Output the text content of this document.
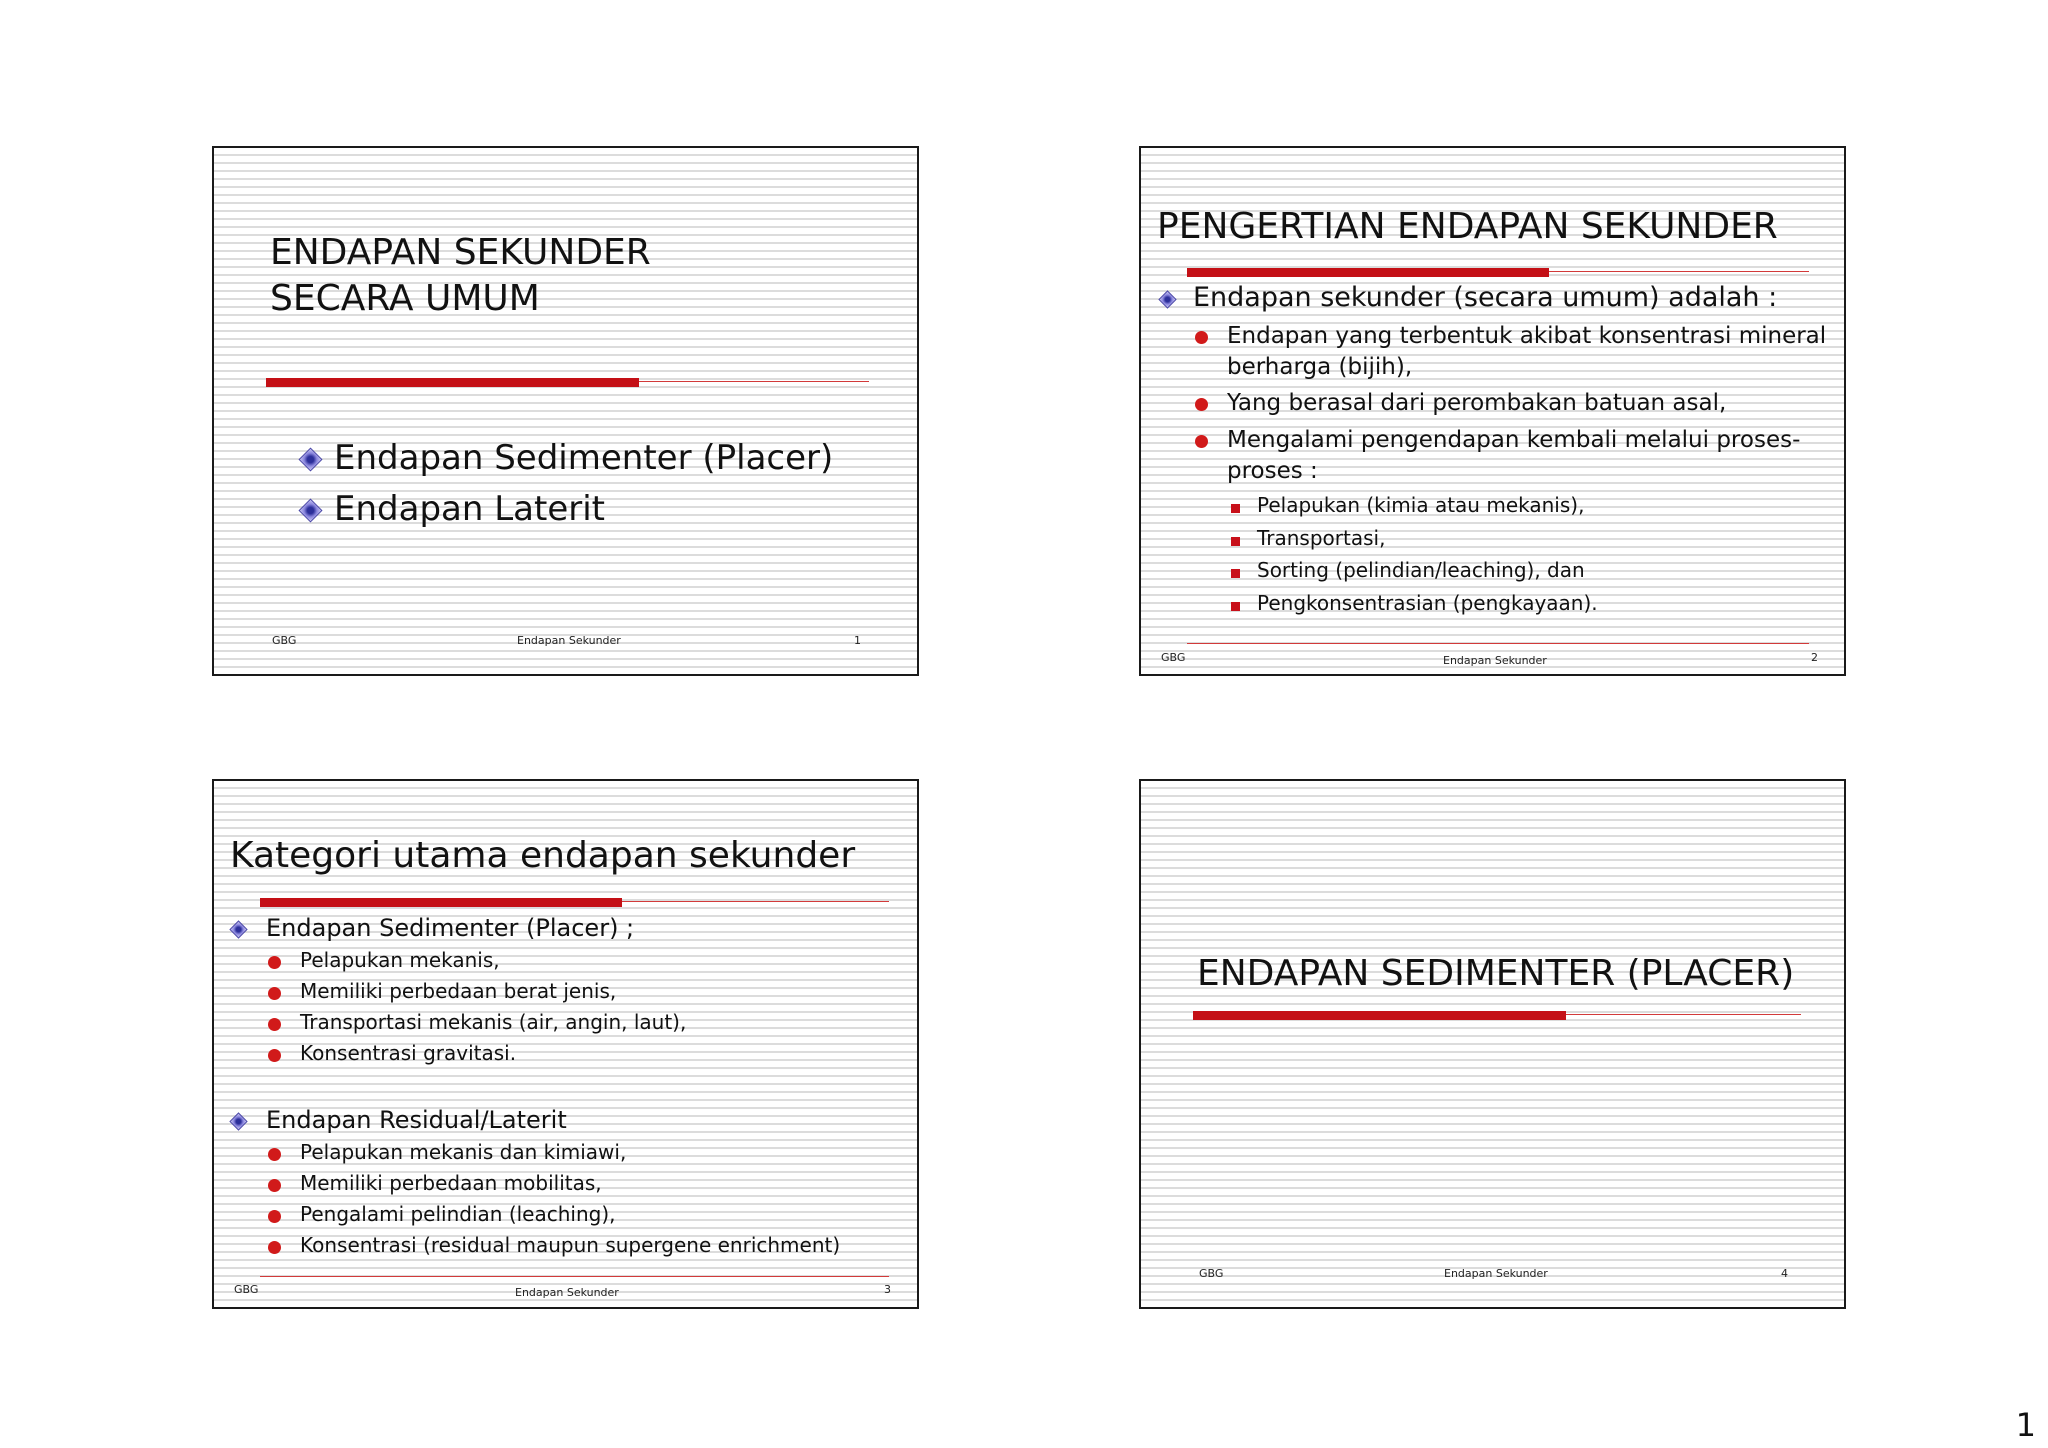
ENDAPAN SEKUNDER
SECARA UMUM
Endapan Sedimenter (Placer)
Endapan Laterit
GBG	Endapan Sekunder	1
PENGERTIAN ENDAPAN SEKUNDER
Endapan sekunder (secara umum) adalah :
Endapan yang terbentuk akibat konsentrasi mineral
berharga (bijih),
Yang berasal dari perombakan batuan asal,
Mengalami pengendapan kembali melalui proses-
proses :
Pelapukan (kimia atau mekanis),
Transportasi,
Sorting (pelindian/leaching), dan
Pengkonsentrasian (pengkayaan).
GBG	Endapan Sekunder	2
Kategori utama endapan sekunder
Endapan Sedimenter (Placer) ;
Pelapukan mekanis,
Memiliki perbedaan berat jenis,
Transportasi mekanis (air, angin, laut),
Konsentrasi gravitasi.
Endapan Residual/Laterit
Pelapukan mekanis dan kimiawi,
Memiliki perbedaan mobilitas,
Pengalami pelindian (leaching),
Konsentrasi (residual maupun supergene enrichment)
GBG	Endapan Sekunder	3
ENDAPAN SEDIMENTER (PLACER)
GBG	Endapan Sekunder	4
1
